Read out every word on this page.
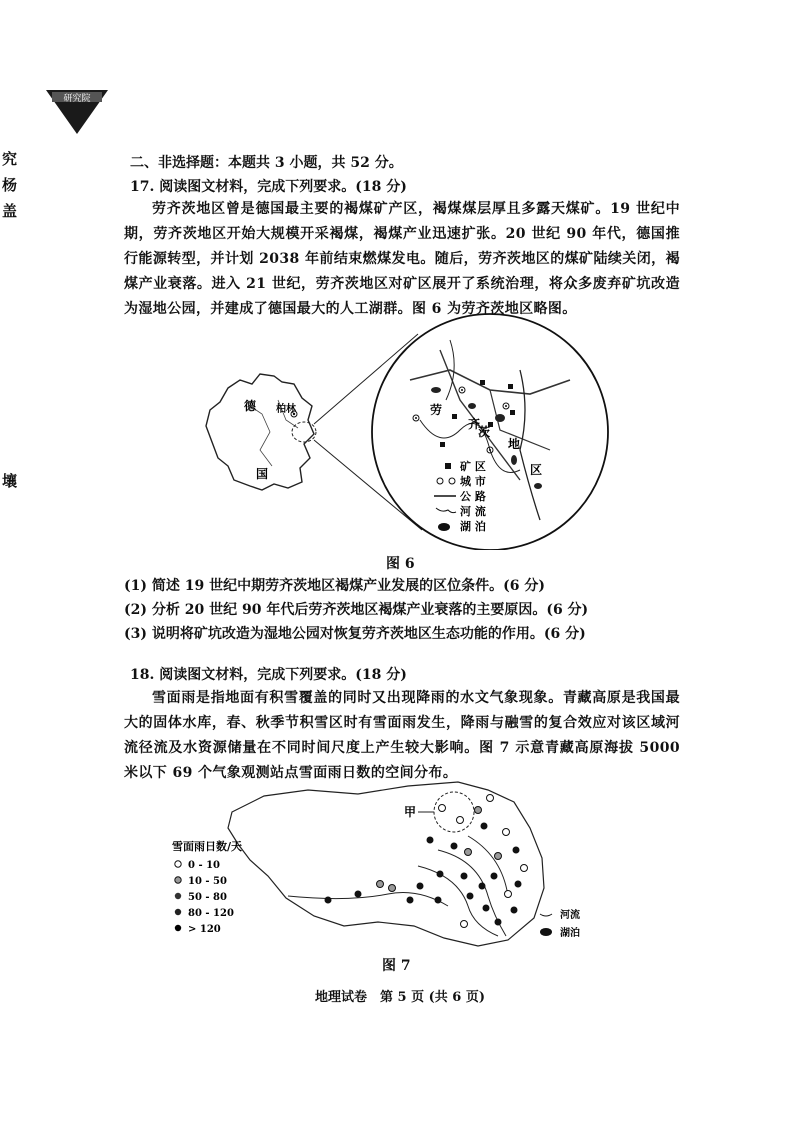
研究院
究
杨
盖
壤
二、非选择题：本题共 3 小题，共 52 分。
17. 阅读图文材料，完成下列要求。(18 分)

劳齐茨地区曾是德国最主要的褐煤矿产区，褐煤煤层厚且多露天煤矿。19 世纪中期，劳齐茨地区开始大规模开采褐煤，褐煤产业迅速扩张。20 世纪 90 年代，德国推行能源转型，并计划 2038 年前结束燃煤发电。随后，劳齐茨地区的煤矿陆续关闭，褐煤产业衰落。进入 21 世纪，劳齐茨地区对矿区展开了系统治理，将众多废弃矿坑改造为湿地公园，并建成了德国最大的人工湖群。图 6 为劳齐茨地区略图。

德
国
柏林	劳
齐
茨
地
区
矿 区
城 市
公 路
河 流
湖 泊
图 6
(1) 简述 19 世纪中期劳齐茨地区褐煤产业发展的区位条件。(6 分)
(2) 分析 20 世纪 90 年代后劳齐茨地区褐煤产业衰落的主要原因。(6 分)
(3) 说明将矿坑改造为湿地公园对恢复劳齐茨地区生态功能的作用。(6 分)
18. 阅读图文材料，完成下列要求。(18 分)

雪面雨是指地面有积雪覆盖的同时又出现降雨的水文气象现象。青藏高原是我国最大的固体水库，春、秋季节积雪区时有雪面雨发生，降雨与融雪的复合效应对该区域河流径流及水资源储量在不同时间尺度上产生较大影响。图 7 示意青藏高原海拔 5000 米以下 69 个气象观测站点雪面雨日数的空间分布。

甲
雪面雨日数/天
0 - 10
10 - 50
50 - 80
80 - 120
> 120
河流
湖泊
图 7
地理试卷　第 5 页 (共 6 页)
